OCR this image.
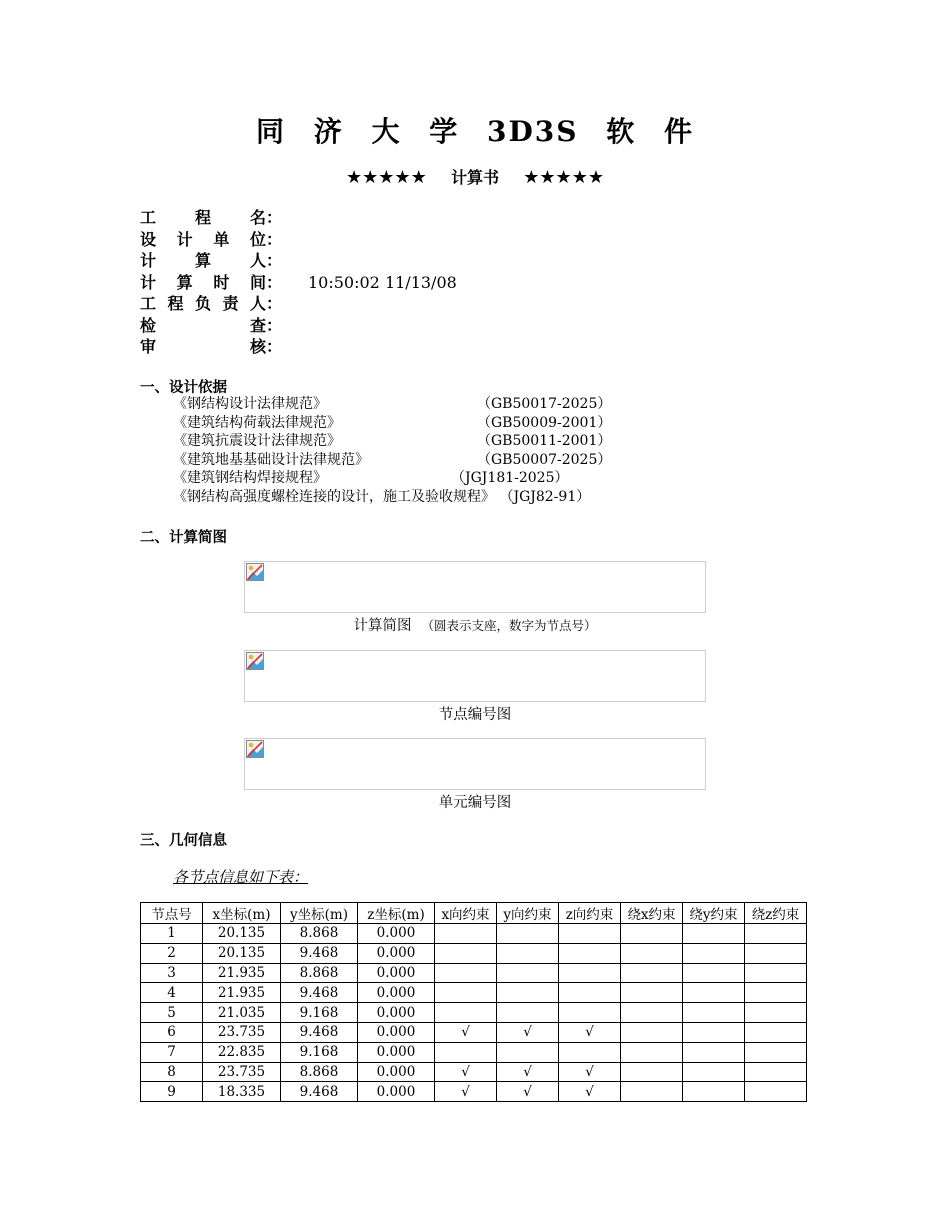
同 济 大 学 3D3S 软 件
★★★★★ 计算书 ★★★★★
工 程 名：
设 计 单 位：
计 算 人：
计 算 时 间： 10:50:02 11/13/08
工 程 负 责 人：
检	查：
审	核：
一、设计依据
《钢结构设计法律规范》	（GB50017-2025）
《建筑结构荷载法律规范》	（GB50009-2001）
《建筑抗震设计法律规范》	（GB50011-2001）
《建筑地基基础设计法律规范》	（GB50007-2025）
《建筑钢结构焊接规程》	（JGJ181-2025）
《钢结构高强度螺栓连接的设计，施工及验收规程》 （JGJ82-91）
二、计算简图
计算简图 （圆表示支座，数字为节点号）
节点编号图
单元编号图
三、几何信息
各节点信息如下表：
节点号	x坐标(m)	y坐标(m)	z坐标(m)	x向约束	y向约束	z向约束	绕x约束	绕y约束	绕z约束
1	20.135	8.868	0.000						
2	20.135	9.468	0.000						
3	21.935	8.868	0.000						
4	21.935	9.468	0.000						
5	21.035	9.168	0.000						
6	23.735	9.468	0.000	√	√	√			
7	22.835	9.168	0.000						
8	23.735	8.868	0.000	√	√	√			
9	18.335	9.468	0.000	√	√	√			
